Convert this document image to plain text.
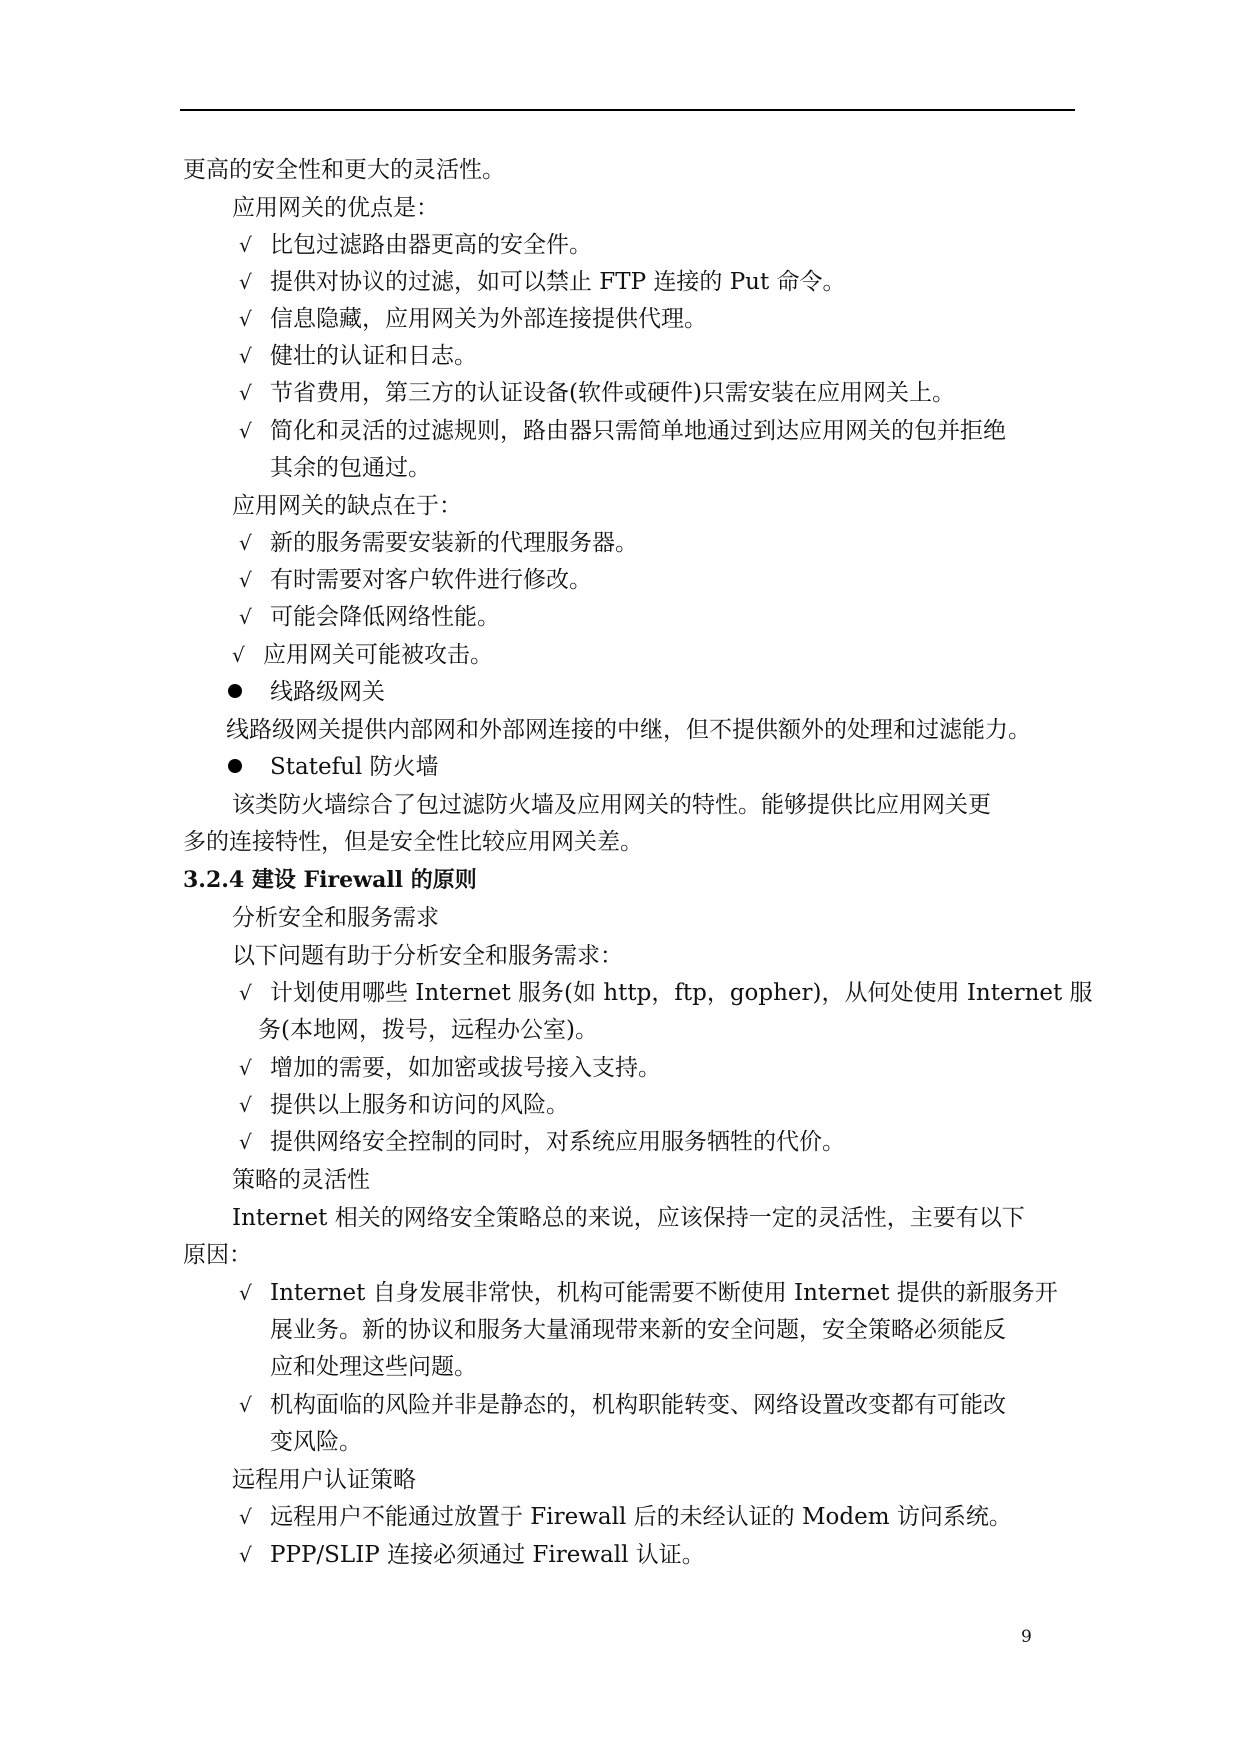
更高的安全性和更大的灵活性。
应用网关的优点是：
√ 比包过滤路由器更高的安全件。
√ 提供对协议的过滤，如可以禁止 FTP 连接的 Put 命令。
√ 信息隐藏，应用网关为外部连接提供代理。
√ 健壮的认证和日志。
√ 节省费用，第三方的认证设备(软件或硬件)只需安装在应用网关上。
√ 简化和灵活的过滤规则，路由器只需简单地通过到达应用网关的包并拒绝
其余的包通过。
应用网关的缺点在于：
√ 新的服务需要安装新的代理服务器。
√ 有时需要对客户软件进行修改。
√ 可能会降低网络性能。
√ 应用网关可能被攻击。
线路级网关
线路级网关提供内部网和外部网连接的中继，但不提供额外的处理和过滤能力。
Stateful 防火墙
该类防火墙综合了包过滤防火墙及应用网关的特性。能够提供比应用网关更
多的连接特性，但是安全性比较应用网关差。
3.2.4 建设 Firewall 的原则
分析安全和服务需求
以下问题有助于分析安全和服务需求：
√ 计划使用哪些 Internet 服务(如 http，ftp，gopher)，从何处使用 Internet 服
务(本地网，拨号，远程办公室)。
√ 增加的需要，如加密或拔号接入支持。
√ 提供以上服务和访问的风险。
√ 提供网络安全控制的同时，对系统应用服务牺牲的代价。
策略的灵活性
Internet 相关的网络安全策略总的来说，应该保持一定的灵活性，主要有以下
原因：
√ Internet 自身发展非常快，机构可能需要不断使用 Internet 提供的新服务开
展业务。新的协议和服务大量涌现带来新的安全问题，安全策略必须能反
应和处理这些问题。
√ 机构面临的风险并非是静态的，机构职能转变、网络设置改变都有可能改
变风险。
远程用户认证策略
√ 远程用户不能通过放置于 Firewall 后的未经认证的 Modem 访问系统。
√ PPP/SLIP 连接必须通过 Firewall 认证。
9
